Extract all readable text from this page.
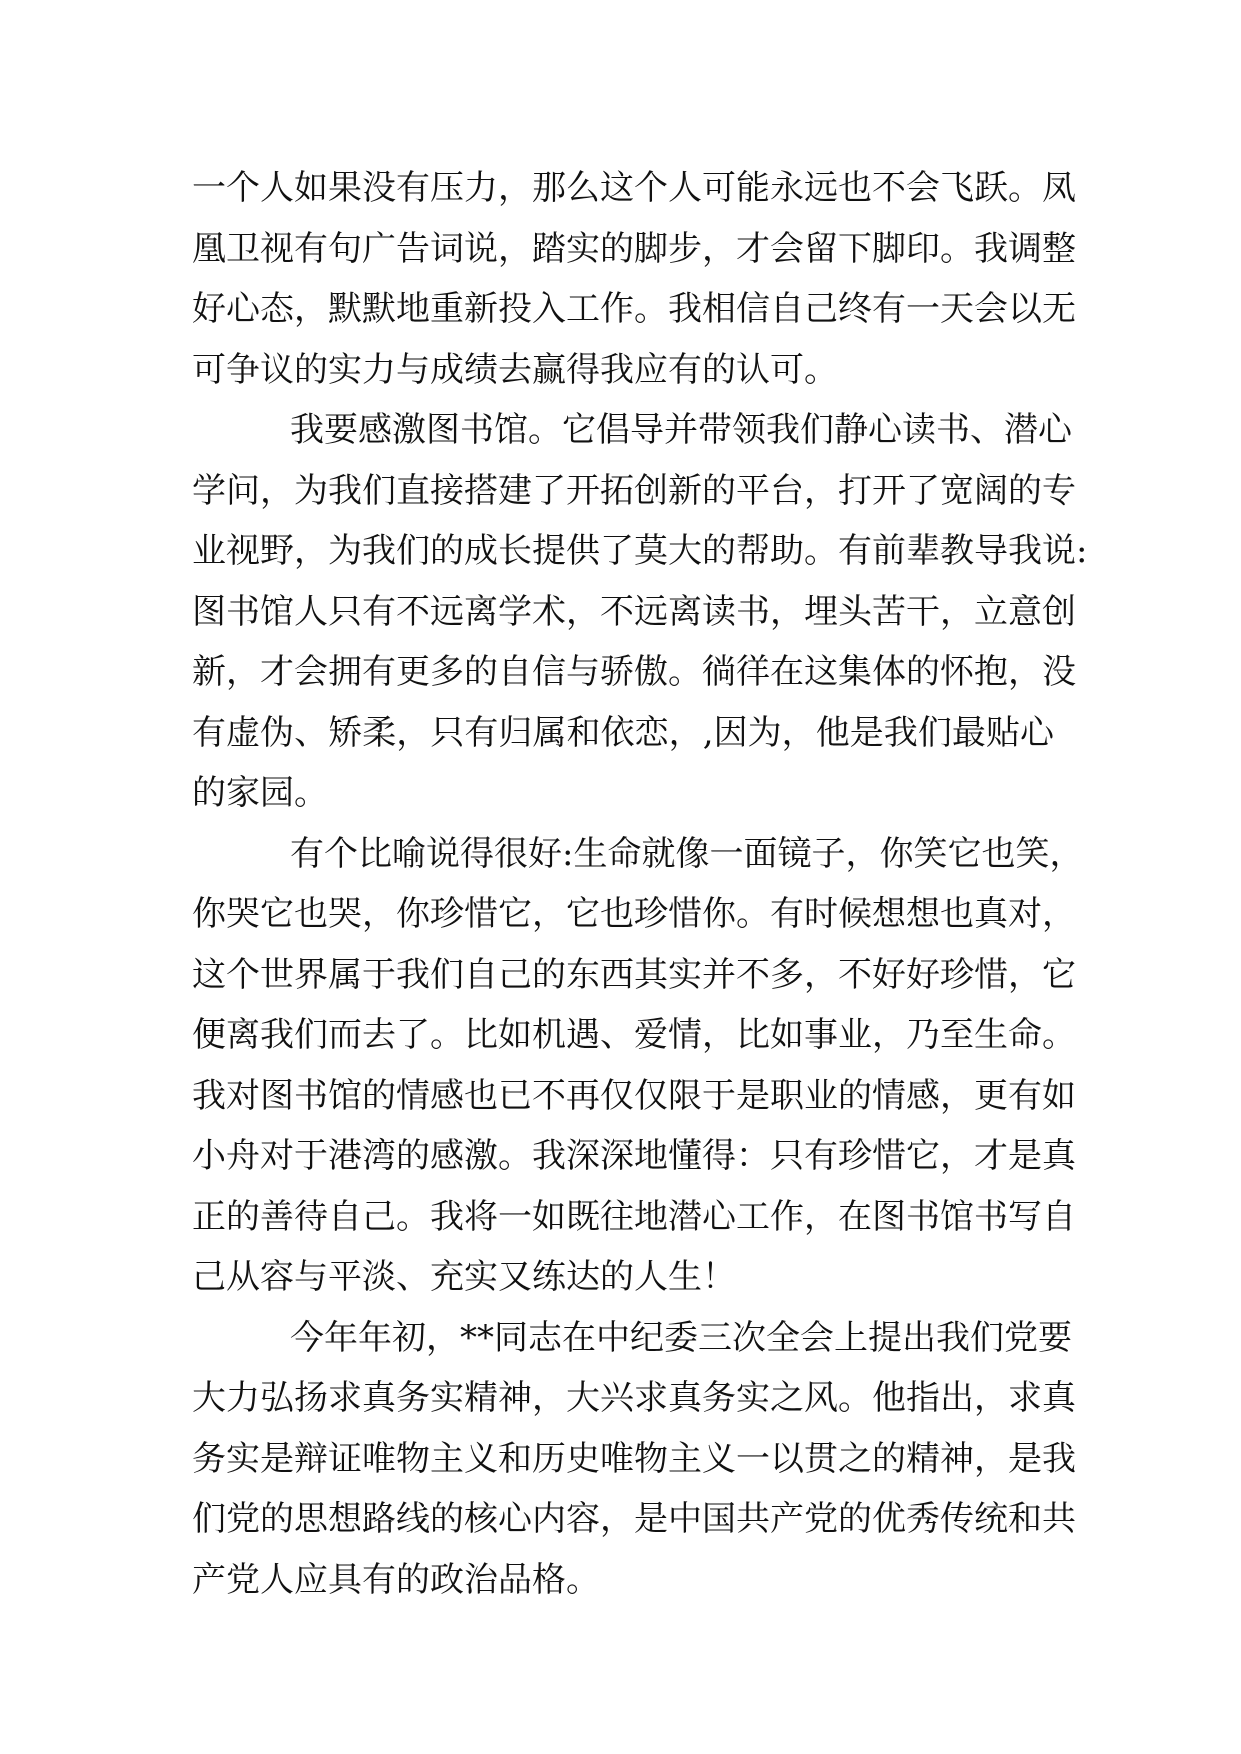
一个人如果没有压力，那么这个人可能永远也不会飞跃。凤
凰卫视有句广告词说，踏实的脚步，才会留下脚印。我调整
好心态，默默地重新投入工作。我相信自己终有一天会以无
可争议的实力与成绩去赢得我应有的认可。
我要感激图书馆。它倡导并带领我们静心读书、潜心
学问，为我们直接搭建了开拓创新的平台，打开了宽阔的专
业视野，为我们的成长提供了莫大的帮助。有前辈教导我说:
图书馆人只有不远离学术，不远离读书，埋头苦干，立意创
新，才会拥有更多的自信与骄傲。徜徉在这集体的怀抱，没
有虚伪、矫柔，只有归属和依恋，,因为，他是我们最贴心
的家园。
有个比喻说得很好:生命就像一面镜子，你笑它也笑，
你哭它也哭，你珍惜它，它也珍惜你。有时候想想也真对，
这个世界属于我们自己的东西其实并不多，不好好珍惜，它
便离我们而去了。比如机遇、爱情，比如事业，乃至生命。
我对图书馆的情感也已不再仅仅限于是职业的情感，更有如
小舟对于港湾的感激。我深深地懂得：只有珍惜它，才是真
正的善待自己。我将一如既往地潜心工作，在图书馆书写自
己从容与平淡、充实又练达的人生！
今年年初，**同志在中纪委三次全会上提出我们党要
大力弘扬求真务实精神，大兴求真务实之风。他指出，求真
务实是辩证唯物主义和历史唯物主义一以贯之的精神，是我
们党的思想路线的核心内容，是中国共产党的优秀传统和共
产党人应具有的政治品格。
